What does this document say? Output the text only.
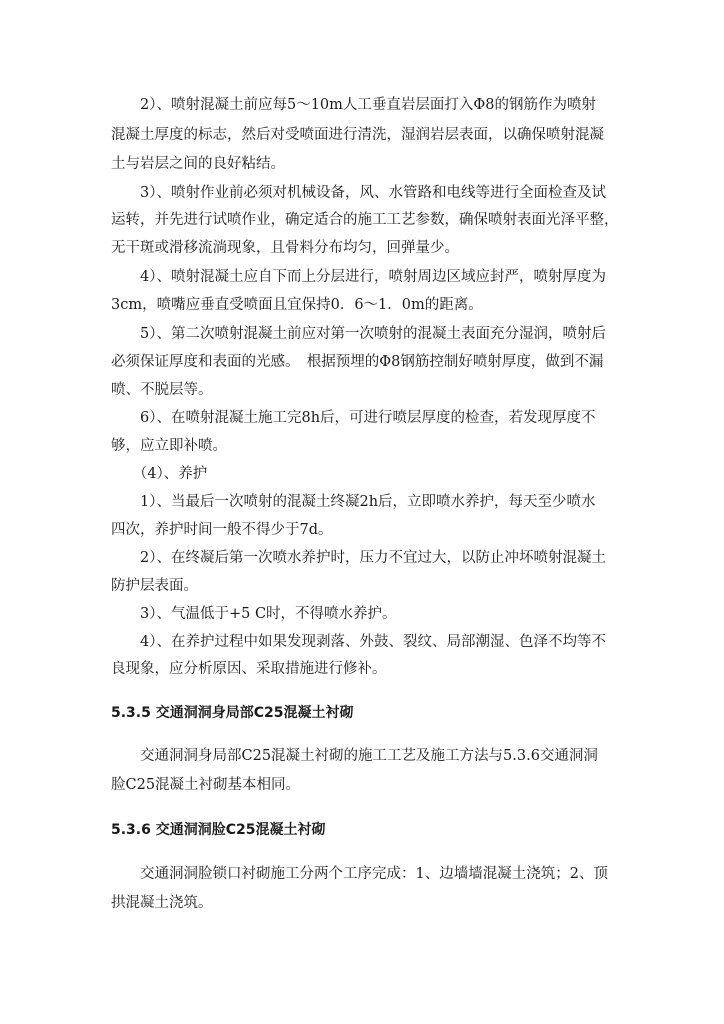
　　2）、喷射混凝土前应每5～10m人工垂直岩层面打入Φ8的钢筋作为喷射
混凝土厚度的标志，然后对受喷面进行清洗，湿润岩层表面，以确保喷射混凝
土与岩层之间的良好粘结。
　　3）、喷射作业前必须对机械设备，风、水管路和电线等进行全面检查及试
运转，并先进行试喷作业，确定适合的施工工艺参数，确保喷射表面光泽平整，
无干斑或滑移流淌现象，且骨料分布均匀，回弹量少。
　　4）、喷射混凝土应自下而上分层进行，喷射周边区域应封严，喷射厚度为
3cm，喷嘴应垂直受喷面且宜保持0．6～1．0m的距离。
　　5）、第二次喷射混凝土前应对第一次喷射的混凝土表面充分湿润，喷射后
必须保证厚度和表面的光感。　根据预埋的Φ8钢筋控制好喷射厚度，做到不漏
喷、不脱层等。
　　6）、在喷射混凝土施工完8h后，可进行喷层厚度的检查，若发现厚度不
够，应立即补喷。
　　（4）、养护
　　1）、当最后一次喷射的混凝土终凝2h后，立即喷水养护，每天至少喷水
四次，养护时间一般不得少于7d。
　　2）、在终凝后第一次喷水养护时，压力不宜过大，以防止冲坏喷射混凝土
防护层表面。
　　3）、气温低于+5 C时，不得喷水养护。
　　4）、在养护过程中如果发现剥落、外鼓、裂纹、局部潮湿、色泽不均等不
良现象，应分析原因、采取措施进行修补。
5.3.5 交通洞洞身局部C25混凝土衬砌
　　交通洞洞身局部C25混凝土衬砌的施工工艺及施工方法与5.3.6交通洞洞
脸C25混凝土衬砌基本相同。
5.3.6 交通洞洞脸C25混凝土衬砌
　　交通洞洞脸锁口衬砌施工分两个工序完成：1、边墙墙混凝土浇筑；2、顶
拱混凝土浇筑。
